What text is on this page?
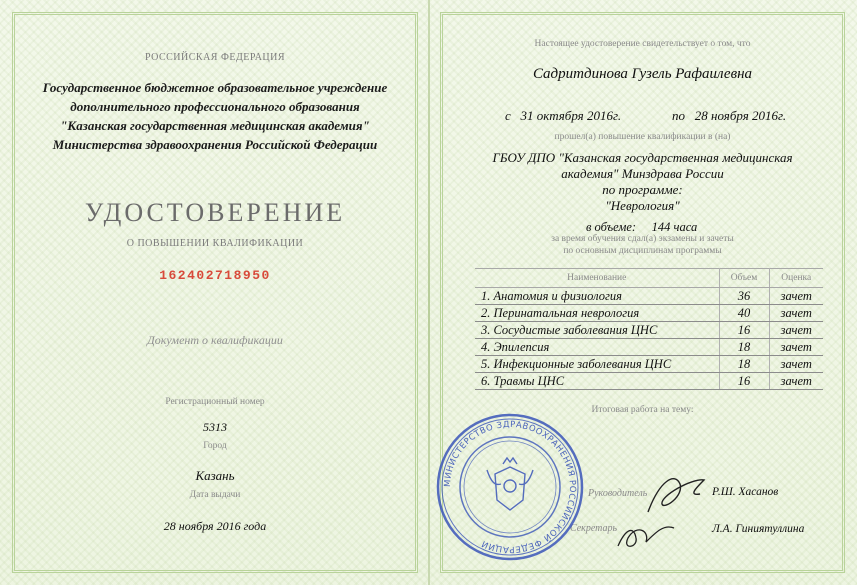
РОССИЙСКАЯ ФЕДЕРАЦИЯ
Государственное бюджетное образовательное учреждение
дополнительного профессионального образования
"Казанская государственная медицинская академия"
Министерства здравоохранения Российской Федерации
УДОСТОВЕРЕНИЕ
О ПОВЫШЕНИИ КВАЛИФИКАЦИИ
162402718950
Документ о квалификации
Регистрационный номер
5313
Город
Казань
Дата выдачи
28 ноября 2016 года
Настоящее удостоверение свидетельствует о том, что
Садритдинова Гузель Рафаилевна
с 31 октября 2016г.	по 28 ноября 2016г.
прошел(а) повышение квалификации в (на)
ГБОУ ДПО "Казанская государственная медицинская
академия" Минздрава России
по программе:
"Неврология"
в объеме: 144 часа
за время обучения сдал(а) экзамены и зачеты
по основным дисциплинам программы
Наименование	Объем	Оценка
1. Анатомия и физиология	36	зачет
2. Перинатальная неврология	40	зачет
3. Сосудистые заболевания ЦНС	16	зачет
4. Эпилепсия	18	зачет
5. Инфекционные заболевания ЦНС	18	зачет
6. Травмы ЦНС	16	зачет
Итоговая работа на тему:
Руководитель	Р.Ш. Хасанов
Секретарь	Л.А. Гиниятуллина
МИНИСТЕРСТВО ЗДРАВООХРАНЕНИЯ РОССИЙСКОЙ ФЕДЕРАЦИИ
